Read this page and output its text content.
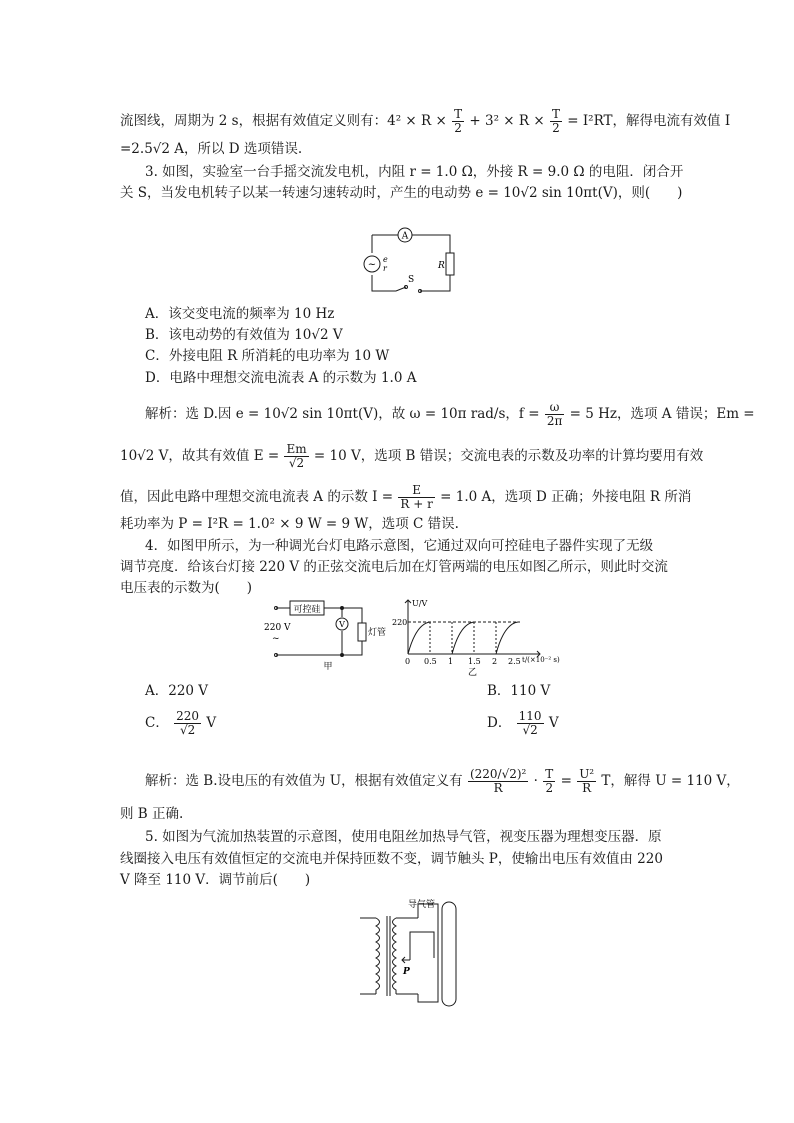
流图线，周期为 2 s，根据有效值定义则有：$4^2 \times R \times \frac{T}{2} + 3^2 \times R \times \frac{T}{2} = I^2RT$，解得电流有效值 I
=2.5√2 A，所以 D 选项错误.
3. 如图，实验室一台手摇交流发电机，内阻 r = 1.0 Ω，外接 R = 9.0 Ω 的电阻．闭合开
关 S，当发电机转子以某一转速匀速转动时，产生的电动势 e = 10√2 sin 10πt(V)，则(　　)
A
~ e
r	R
S
A．该交变电流的频率为 10 Hz
B．该电动势的有效值为 10√2 V
C．外接电阻 R 所消耗的电功率为 10 W
D．电路中理想交流电流表 A 的示数为 1.0 A
解析：选 D.因 e = 10√2 sin 10πt(V)，故 ω = 10π rad/s，$f = \frac{\omega}{2\pi} = 5$ Hz，选项 A 错误；Em =
10√2 V，故其有效值 $E = \frac{Em}{√2} = 10$ V，选项 B 错误；交流电表的示数及功率的计算均要用有效
值，因此电路中理想交流电流表 A 的示数 $I = \frac{E}{R + r} = 1.0$ A，选项 D 正确；外接电阻 R 所消
耗功率为 P = I²R = 1.0² × 9 W = 9 W，选项 C 错误.
4．如图甲所示，为一种调光台灯电路示意图，它通过双向可控硅电子器件实现了无级
调节亮度．给该台灯接 220 V 的正弦交流电后加在灯管两端的电压如图乙所示，则此时交流
电压表的示数为(　　)
可控硅
220 V
~
V
灯管
甲
U/V
220
0 0.5 1 1.5 2 2.5 t/(×10⁻² s)
乙
A．220 V	B．110 V
C． $\frac{220}{√2}$ V	D． $\frac{110}{√2}$ V
解析：选 B.设电压的有效值为 U，根据有效值定义有 $\frac{\text{(220/√2)²}}{R} \cdot \frac{T}{2} = \frac{\text{U²}}{R}$ T，解得 U = 110 V，
则 B 正确.
5. 如图为气流加热装置的示意图，使用电阻丝加热导气管，视变压器为理想变压器．原
线圈接入电压有效值恒定的交流电并保持匝数不变，调节触头 P，使输出电压有效值由 220
V 降至 110 V．调节前后(　　)
导气管
P
